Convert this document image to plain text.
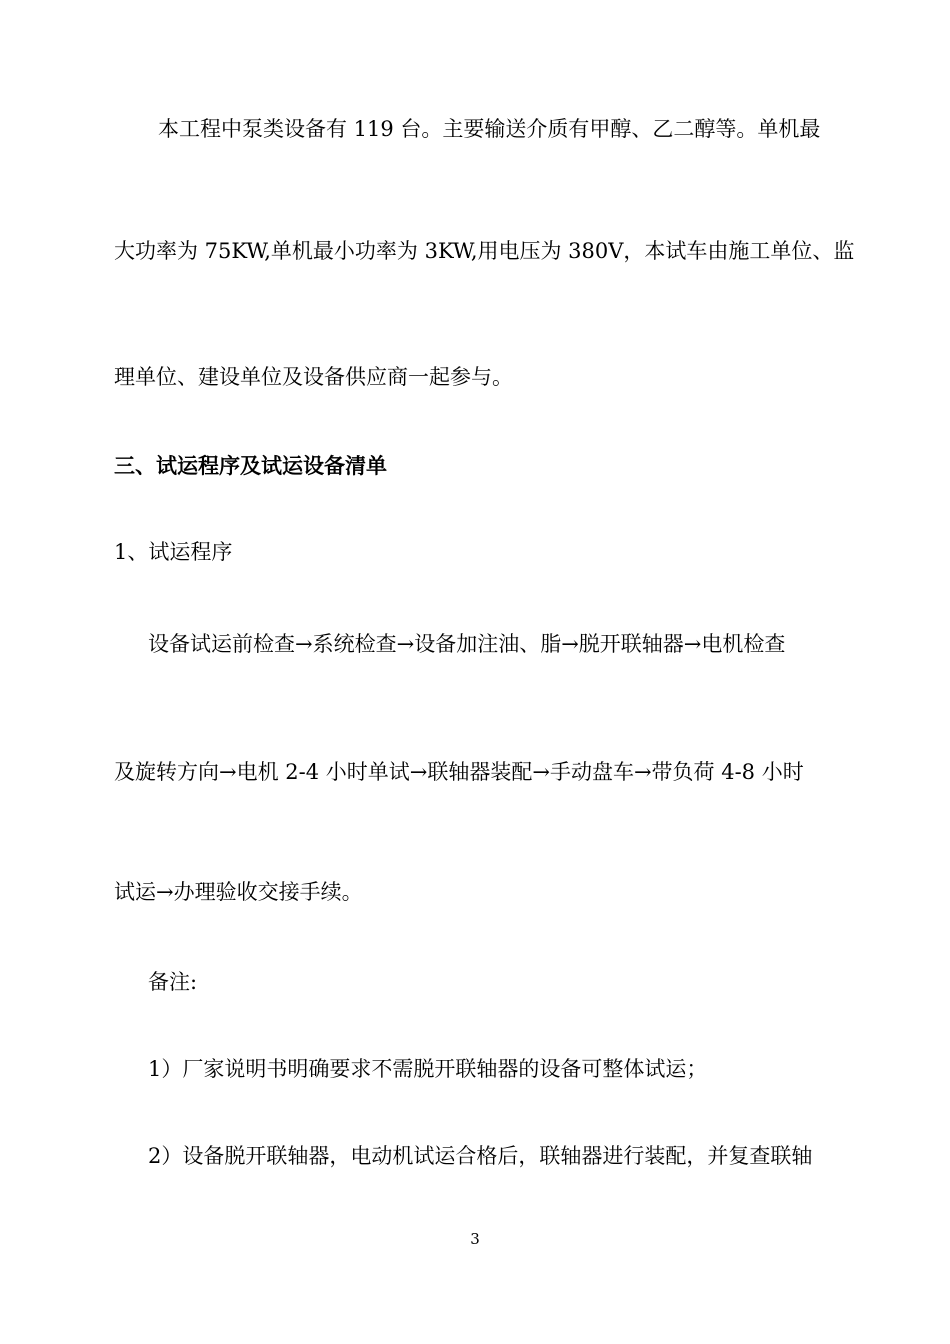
本工程中泵类设备有 119 台。主要输送介质有甲醇、乙二醇等。单机最
大功率为 75KW,单机最小功率为 3KW,用电压为 380V，本试车由施工单位、监
理单位、建设单位及设备供应商一起参与。
三、试运程序及试运设备清单
1、试运程序
设备试运前检查→系统检查→设备加注油、脂→脱开联轴器→电机检查
及旋转方向→电机 2-4 小时单试→联轴器装配→手动盘车→带负荷 4-8 小时
试运→办理验收交接手续。
备注:
1）厂家说明书明确要求不需脱开联轴器的设备可整体试运；
2）设备脱开联轴器，电动机试运合格后，联轴器进行装配，并复查联轴
3
